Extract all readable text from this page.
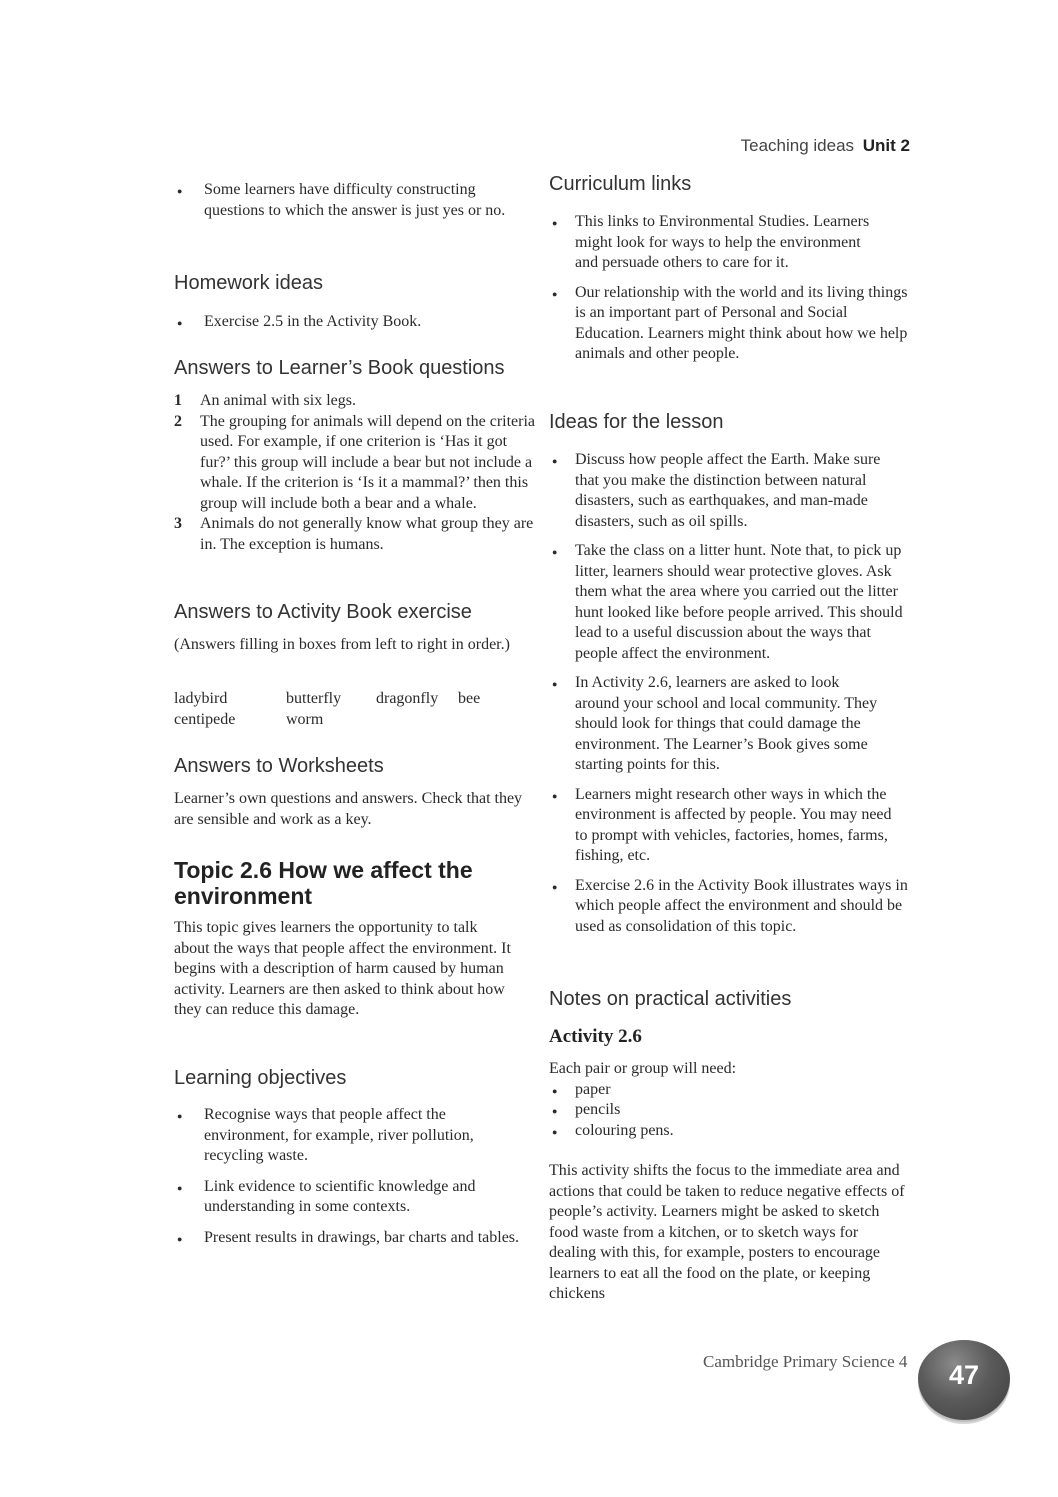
Teaching ideas Unit 2
● Some learners have difficulty constructing questions to which the answer is just yes or no.
Homework ideas
● Exercise 2.5 in the Activity Book.
Answers to Learner’s Book questions
1 An animal with six legs.
2 The grouping for animals will depend on the criteria used. For example, if one criterion is ‘Has it got fur?’ this group will include a bear but not include a whale. If the criterion is ‘Is it a mammal?’ then this group will include both a bear and a whale.
3 Animals do not generally know what group they are in. The exception is humans.
Answers to Activity Book exercise

(Answers filling in boxes from left to right in order.)

ladybird	butterfly	dragonfly	bee
centipede	worm
Answers to Worksheets

Learner’s own questions and answers. Check that they are sensible and work as a key.

Topic 2.6 How we affect the environment

This topic gives learners the opportunity to talk about the ways that people affect the environment. It begins with a description of harm caused by human activity. Learners are then asked to think about how they can reduce this damage.

Learning objectives
● Recognise ways that people affect the environment, for example, river pollution, recycling waste.
● Link evidence to scientific knowledge and understanding in some contexts.
● Present results in drawings, bar charts and tables.
Curriculum links
● This links to Environmental Studies. Learners might look for ways to help the environment and persuade others to care for it.
● Our relationship with the world and its living things is an important part of Personal and Social Education. Learners might think about how we help animals and other people.
Ideas for the lesson
● Discuss how people affect the Earth. Make sure that you make the distinction between natural disasters, such as earthquakes, and man-made disasters, such as oil spills.
● Take the class on a litter hunt. Note that, to pick up litter, learners should wear protective gloves. Ask them what the area where you carried out the litter hunt looked like before people arrived. This should lead to a useful discussion about the ways that people affect the environment.
● In Activity 2.6, learners are asked to look around your school and local community. They should look for things that could damage the environment. The Learner’s Book gives some starting points for this.
● Learners might research other ways in which the environment is affected by people. You may need to prompt with vehicles, factories, homes, farms, fishing, etc.
● Exercise 2.6 in the Activity Book illustrates ways in which people affect the environment and should be used as consolidation of this topic.
Notes on practical activities
Activity 2.6

Each pair or group will need:

● paper
● pencils
● colouring pens.

This activity shifts the focus to the immediate area and actions that could be taken to reduce negative effects of people’s activity. Learners might be asked to sketch food waste from a kitchen, or to sketch ways for dealing with this, for example, posters to encourage learners to eat all the food on the plate, or keeping chickens

Cambridge Primary Science 4	47
